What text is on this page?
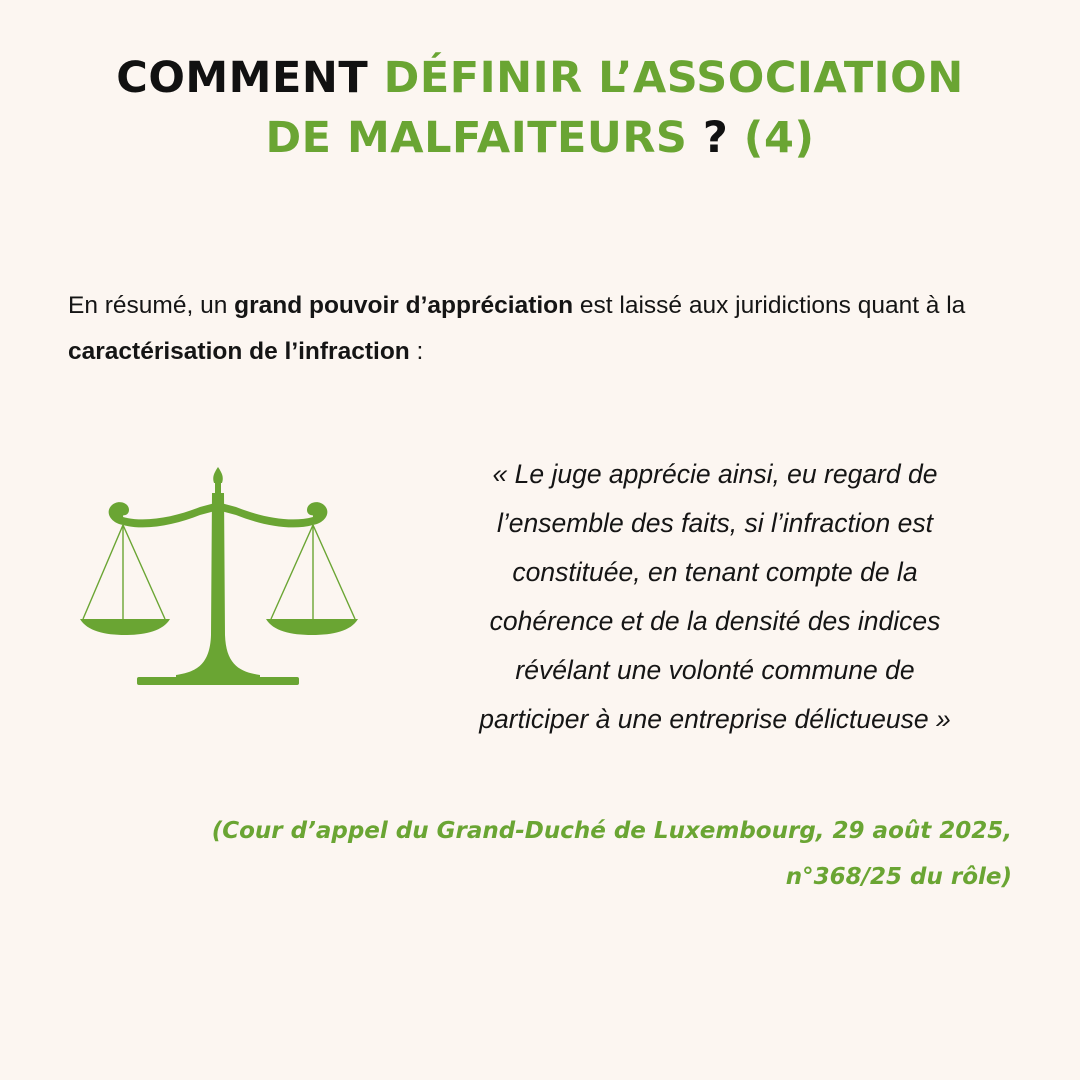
COMMENT DÉFINIR L’ASSOCIATION
DE MALFAITEURS ? (4)

En résumé, un grand pouvoir d’appréciation est laissé aux juridictions quant à la caractérisation de l’infraction :

« Le juge apprécie ainsi, eu regard de
l’ensemble des faits, si l’infraction est
constituée, en tenant compte de la
cohérence et de la densité des indices
révélant une volonté commune de
participer à une entreprise délictueuse »
(Cour d’appel du Grand-Duché de Luxembourg, 29 août 2025,
n°368/25 du rôle)
